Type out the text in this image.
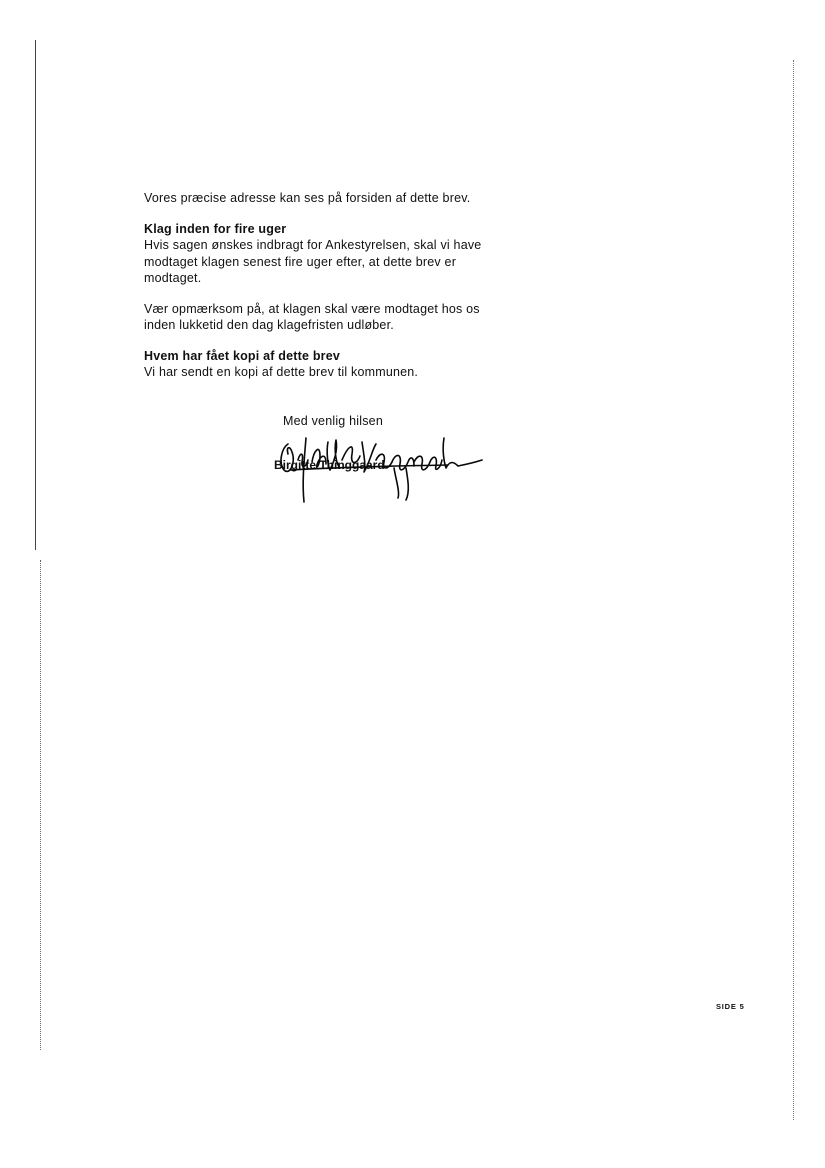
Vores præcise adresse kan ses på forsiden af dette brev.

Klag inden for fire uger
Hvis sagen ønskes indbragt for Ankestyrelsen, skal vi have
modtaget klagen senest fire uger efter, at dette brev er
modtaget.

Vær opmærksom på, at klagen skal være modtaget hos os
inden lukketid den dag klagefristen udløber.

Hvem har fået kopi af dette brev
Vi har sendt en kopi af dette brev til kommunen.

Med venlig hilsen
Birgitte Thinggaard
SIDE 5
